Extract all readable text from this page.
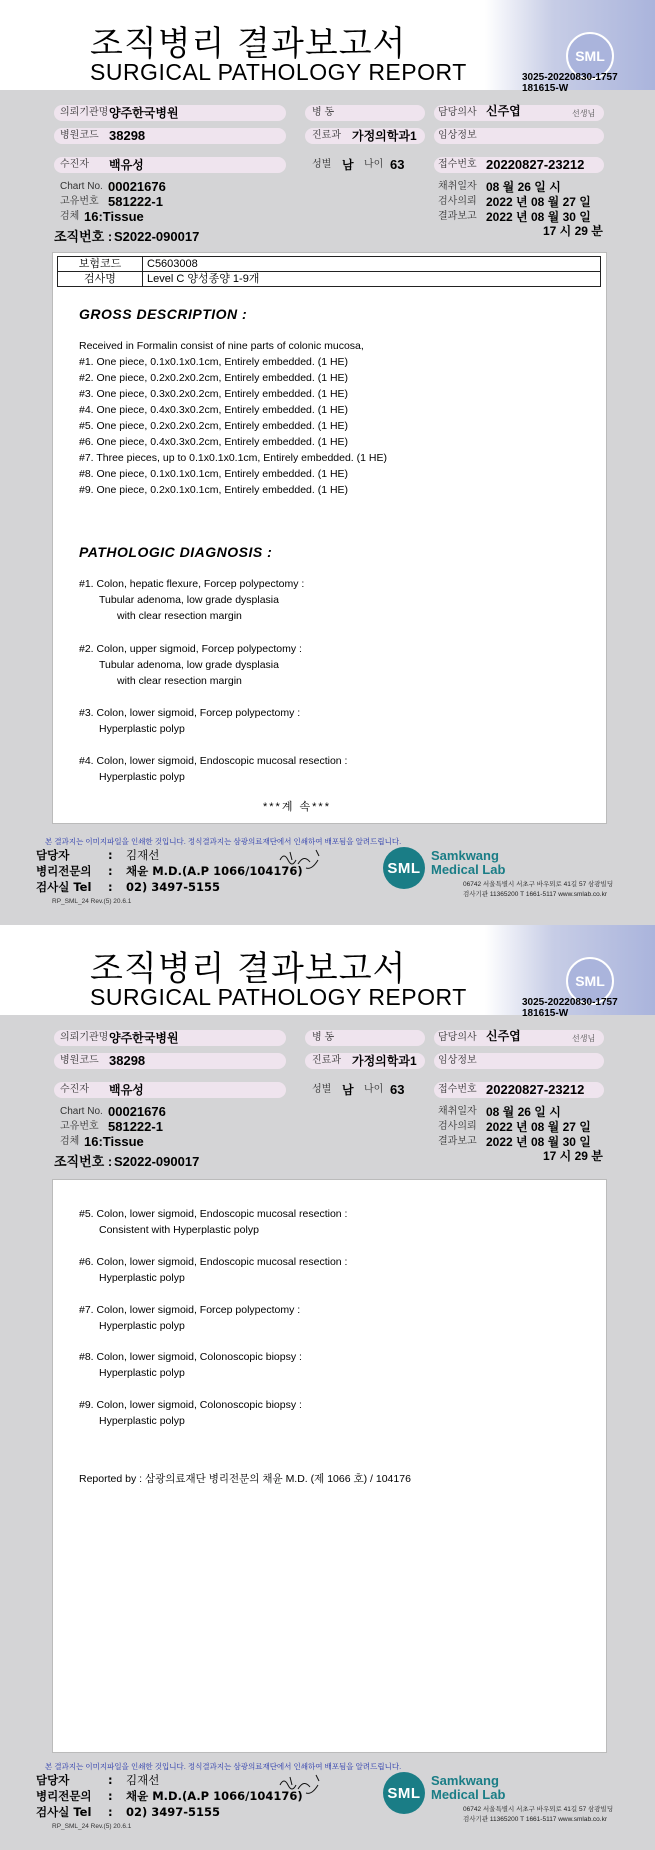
조직병리 결과보고서
SURGICAL PATHOLOGY REPORT
SML
3025-20220830-1757
181615-W
의뢰기관명 양주한국병원
병원코드 38298
수진자 백유성
Chart No. 00021676
고유번호 581222-1
검체 16:Tissue
조직번호 : S2022-090017
병 동
진료과 가정의학과1
성별 남 나이 63
담당의사 신주엽	선생님
임상정보
접수번호 20220827-23212
채취일자 08 월 26 일 시
검사의뢰 2022 년 08 월 27 일
결과보고 2022 년 08 월 30 일
17 시 29 분
보험코드	C5603008
검사명	Level C 양성종양 1-9개
GROSS DESCRIPTION :
Received in Formalin consist of nine parts of colonic mucosa,
#1. One piece, 0.1x0.1x0.1cm, Entirely embedded. (1 HE)
#2. One piece, 0.2x0.2x0.2cm, Entirely embedded. (1 HE)
#3. One piece, 0.3x0.2x0.2cm, Entirely embedded. (1 HE)
#4. One piece, 0.4x0.3x0.2cm, Entirely embedded. (1 HE)
#5. One piece, 0.2x0.2x0.2cm, Entirely embedded. (1 HE)
#6. One piece, 0.4x0.3x0.2cm, Entirely embedded. (1 HE)
#7. Three pieces, up to 0.1x0.1x0.1cm, Entirely embedded. (1 HE)
#8. One piece, 0.1x0.1x0.1cm, Entirely embedded. (1 HE)
#9. One piece, 0.2x0.1x0.1cm, Entirely embedded. (1 HE)
PATHOLOGIC DIAGNOSIS :
#1. Colon, hepatic flexure, Forcep polypectomy :
Tubular adenoma, low grade dysplasia
with clear resection margin
#2. Colon, upper sigmoid, Forcep polypectomy :
Tubular adenoma, low grade dysplasia
with clear resection margin
#3. Colon, lower sigmoid, Forcep polypectomy :
Hyperplastic polyp
#4. Colon, lower sigmoid, Endoscopic mucosal resection :
Hyperplastic polyp
***계 속***
본 결과지는 이미지파일을 인쇄한 것입니다. 정식결과지는 삼광의료재단에서 인쇄하여 배포됨을 알려드립니다.
담당자	: 김재선
병리전문의 : 채윤 M.D.(A.P 1066/104176)
검사실 Tel : 02) 3497-5155
RP_SML_24 Rev.(5) 20.6.1
SML
Samkwang
Medical Lab
06742 서울특별시 서초구 바우뫼로 41길 57 삼광빌딩
검사기관 11365200 T 1661-5117 www.smlab.co.kr
조직병리 결과보고서
SURGICAL PATHOLOGY REPORT
SML
3025-20220830-1757
181615-W
의뢰기관명 양주한국병원
병원코드 38298
수진자 백유성
Chart No. 00021676
고유번호 581222-1
검체 16:Tissue
조직번호 : S2022-090017
병 동
진료과 가정의학과1
성별 남 나이 63
담당의사 신주엽	선생님
임상정보
접수번호 20220827-23212
채취일자 08 월 26 일 시
검사의뢰 2022 년 08 월 27 일
결과보고 2022 년 08 월 30 일
17 시 29 분
#5. Colon, lower sigmoid, Endoscopic mucosal resection :
Consistent with Hyperplastic polyp
#6. Colon, lower sigmoid, Endoscopic mucosal resection :
Hyperplastic polyp
#7. Colon, lower sigmoid, Forcep polypectomy :
Hyperplastic polyp
#8. Colon, lower sigmoid, Colonoscopic biopsy :
Hyperplastic polyp
#9. Colon, lower sigmoid, Colonoscopic biopsy :
Hyperplastic polyp
Reported by : 삼광의료재단 병리전문의 채윤 M.D. (제 1066 호) / 104176
본 결과지는 이미지파일을 인쇄한 것입니다. 정식결과지는 삼광의료재단에서 인쇄하여 배포됨을 알려드립니다.
담당자	: 김재선
병리전문의 : 채윤 M.D.(A.P 1066/104176)
검사실 Tel : 02) 3497-5155
RP_SML_24 Rev.(5) 20.6.1
SML
Samkwang
Medical Lab
06742 서울특별시 서초구 바우뫼로 41길 57 삼광빌딩
검사기관 11365200 T 1661-5117 www.smlab.co.kr
